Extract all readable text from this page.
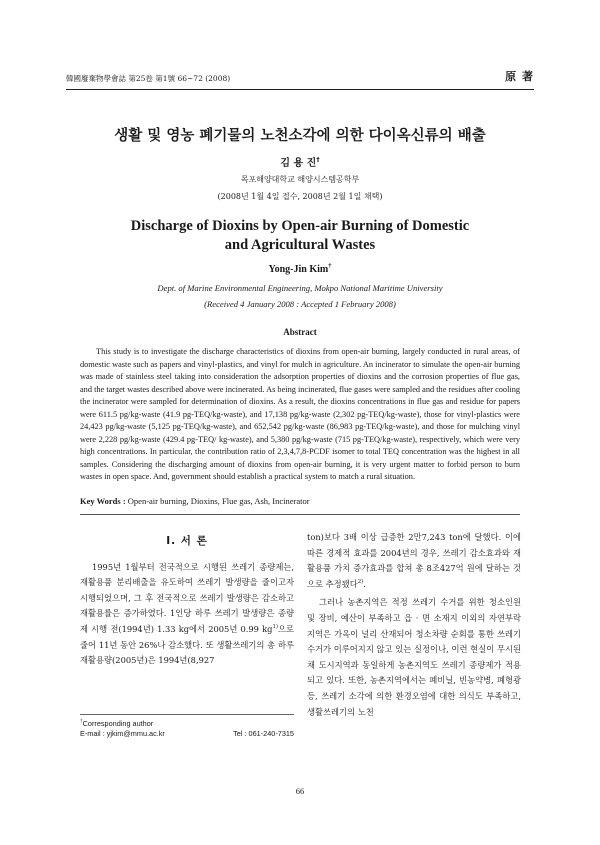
韓國廢棄物學會誌 第25卷 第1號 66~72 (2008)	原 著
생활 및 영농 폐기물의 노천소각에 의한 다이옥신류의 배출
김 용 진†
목포해양대학교 해양시스템공학부
(2008년 1월 4일 접수, 2008년 2월 1일 채택)
Discharge of Dioxins by Open-air Burning of Domestic
and Agricultural Wastes
Yong-Jin Kim†
Dept. of Marine Environmental Engineering, Mokpo National Maritime University
(Received 4 January 2008 : Accepted 1 February 2008)
Abstract

This study is to investigate the discharge characteristics of dioxins from open-air burning, largely conducted in rural areas, of domestic waste such as papers and vinyl-plastics, and vinyl for mulch in agriculture. An incinerator to simulate the open-air burning was made of stainless steel taking into consideration the adsorption properties of dioxins and the corrosion properties of flue gas, and the target wastes described above were incinerated. As being incinerated, flue gases were sampled and the residues after cooling the incinerator were sampled for determination of dioxins. As a result, the dioxins concentrations in flue gas and residue for papers were 611.5 pg/kg-waste (41.9 pg-TEQ/kg-waste), and 17,138 pg/kg-waste (2,302 pg-TEQ/kg-waste), those for vinyl-plastics were 24,423 pg/kg-waste (5,125 pg-TEQ/kg-waste), and 652,542 pg/kg-waste (86,983 pg-TEQ/kg-waste), and those for mulching vinyl were 2,228 pg/kg-waste (429.4 pg-TEQ/ kg-waste), and 5,380 pg/kg-waste (715 pg-TEQ/kg-waste), respectively, which were very high concentrations. In particular, the contribution ratio of 2,3,4,7,8-PCDF isomer to total TEQ concentration was the highest in all samples. Considering the discharging amount of dioxins from open-air burning, it is very urgent matter to forbid person to burn wastes in open space. And, government should establish a practical system to match a rural situation.

Key Words : Open-air burning, Dioxins, Flue gas, Ash, Incinerator
I. 서 론

1995년 1월부터 전국적으로 시행된 쓰레기 종량제는, 재활용품 분리배출을 유도하여 쓰레기 발생량을 줄이고자 시행되었으며, 그 후 전국적으로 쓰레기 발생량은 감소하고 재활용률은 증가하였다. 1인당 하루 쓰레기 발생량은 종량제 시행 전(1994년) 1.33 kg에서 2005년 0.99 $kg^{1)}$으로 줄어 11년 동안 26%나 감소했다. 또 생활쓰레기의 총 하루 재활용량(2005년)은 1994년(8,927

ton)보다 3배 이상 급증한 2만7,243 ton에 달했다. 이에 따른 경제적 효과를 2004년의 경우, 쓰레기 감소효과와 재활용품 가치 증가효과를 합쳐 총 8조427억 원에 달하는 것으로 추정됐다$^{2)}$.

그러나 농촌지역은 적정 쓰레기 수거를 위한 청소인원 및 장비, 예산이 부족하고 읍 · 면 소재지 이외의 자연부락 지역은 가옥이 널리 산재되어 청소차량 순회를 통한 쓰레기 수거가 이루어지지 않고 있는 실정이나, 이런 현실이 무시된 채 도시지역과 동일하게 농촌지역도 쓰레기 종량제가 적용되고 있다. 또한, 농촌지역에서는 폐비닐, 빈농약병, 폐형광등, 쓰레기 소각에 의한 환경오염에 대한 의식도 부족하고, 생활쓰레기의 노천

†Corresponding author
E-mail : yjkim@mmu.ac.kr	Tel : 061-240-7315
66
